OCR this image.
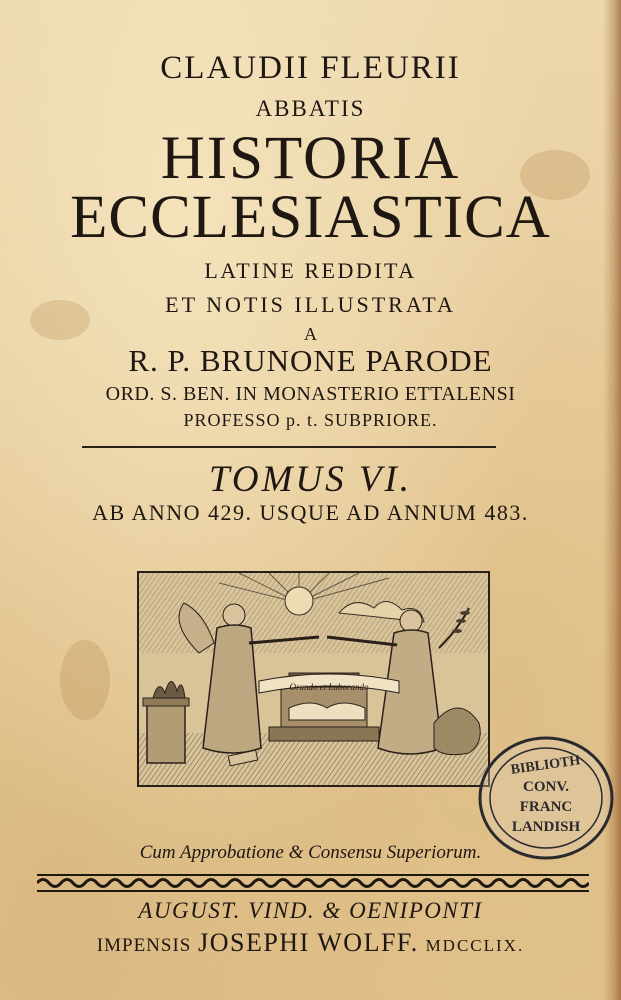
CLAUDII FLEURII
ABBATIS
HISTORIA
ECCLESIASTICA
LATINE REDDITA
ET NOTIS ILLUSTRATA
A
R. P. BRUNONE PARODE
ORD. S. BEN. IN MONASTERIO ETTALENSI
PROFESSO p. t. SUBPRIORE.
TOMUS VI.
AB ANNO 429. USQUE AD ANNUM 483.
Orando et Laborando
BIBLIOTH
CONV.
FRANC
LANDISH
Cum Approbatione & Consensu Superiorum.
AUGUST. VIND. & OENIPONTI
IMPENSIS JOSEPHI WOLFF. MDCCLIX.
